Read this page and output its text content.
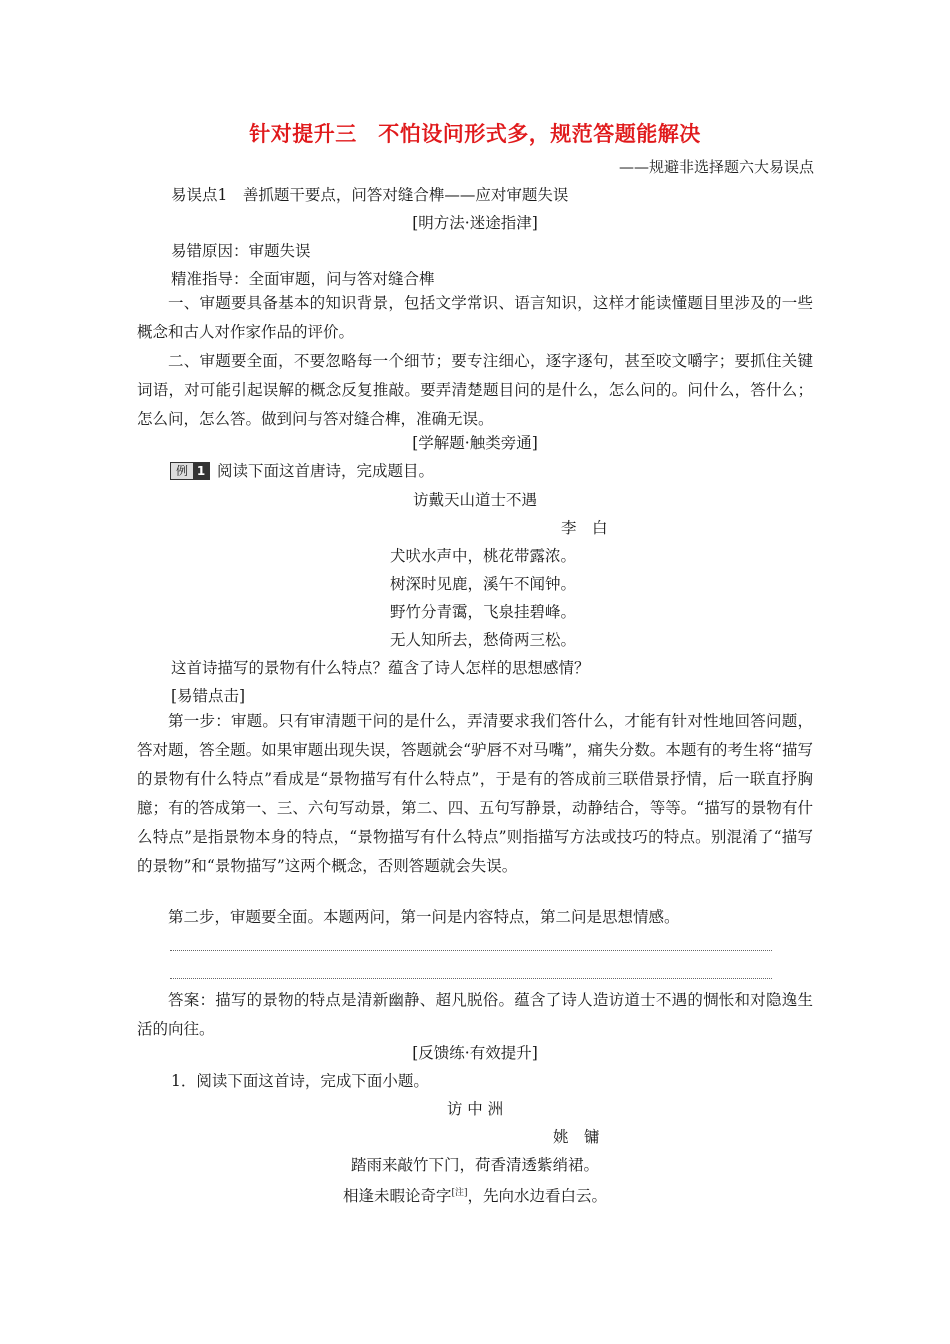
针对提升三　不怕设问形式多，规范答题能解决
——规避非选择题六大易误点
易误点1　善抓题干要点，问答对缝合榫——应对审题失误
[明方法·迷途指津]
易错原因：审题失误
精准指导：全面审题，问与答对缝合榫

一、审题要具备基本的知识背景，包括文学常识、语言知识，这样才能读懂题目里涉及的一些概念和古人对作家作品的评价。

二、审题要全面，不要忽略每一个细节；要专注细心，逐字逐句，甚至咬文嚼字；要抓住关键词语，对可能引起误解的概念反复推敲。要弄清楚题目问的是什么，怎么问的。问什么，答什么；怎么问，怎么答。做到问与答对缝合榫，准确无误。

[学解题·触类旁通]
例 1 阅读下面这首唐诗，完成题目。
访戴天山道士不遇
李　白
犬吠水声中，桃花带露浓。
树深时见鹿，溪午不闻钟。
野竹分青霭，飞泉挂碧峰。
无人知所去，愁倚两三松。
这首诗描写的景物有什么特点？蕴含了诗人怎样的思想感情？
[易错点击]

第一步：审题。只有审清题干问的是什么，弄清要求我们答什么，才能有针对性地回答问题，答对题，答全题。如果审题出现失误，答题就会“驴唇不对马嘴”，痛失分数。本题有的考生将“描写的景物有什么特点”看成是“景物描写有什么特点”，于是有的答成前三联借景抒情，后一联直抒胸臆；有的答成第一、三、六句写动景，第二、四、五句写静景，动静结合，等等。“描写的景物有什么特点”是指景物本身的特点，“景物描写有什么特点”则指描写方法或技巧的特点。别混淆了“描写的景物”和“景物描写”这两个概念，否则答题就会失误。

第二步，审题要全面。本题两问，第一问是内容特点，第二问是思想情感。

答案：描写的景物的特点是清新幽静、超凡脱俗。蕴含了诗人造访道士不遇的惆怅和对隐逸生活的向往。

[反馈练·有效提升]
1．阅读下面这首诗，完成下面小题。
访 中 洲
姚　镛
踏雨来敲竹下门，荷香清透紫绡裙。
相逢未暇论奇字[注]，先向水边看白云。
